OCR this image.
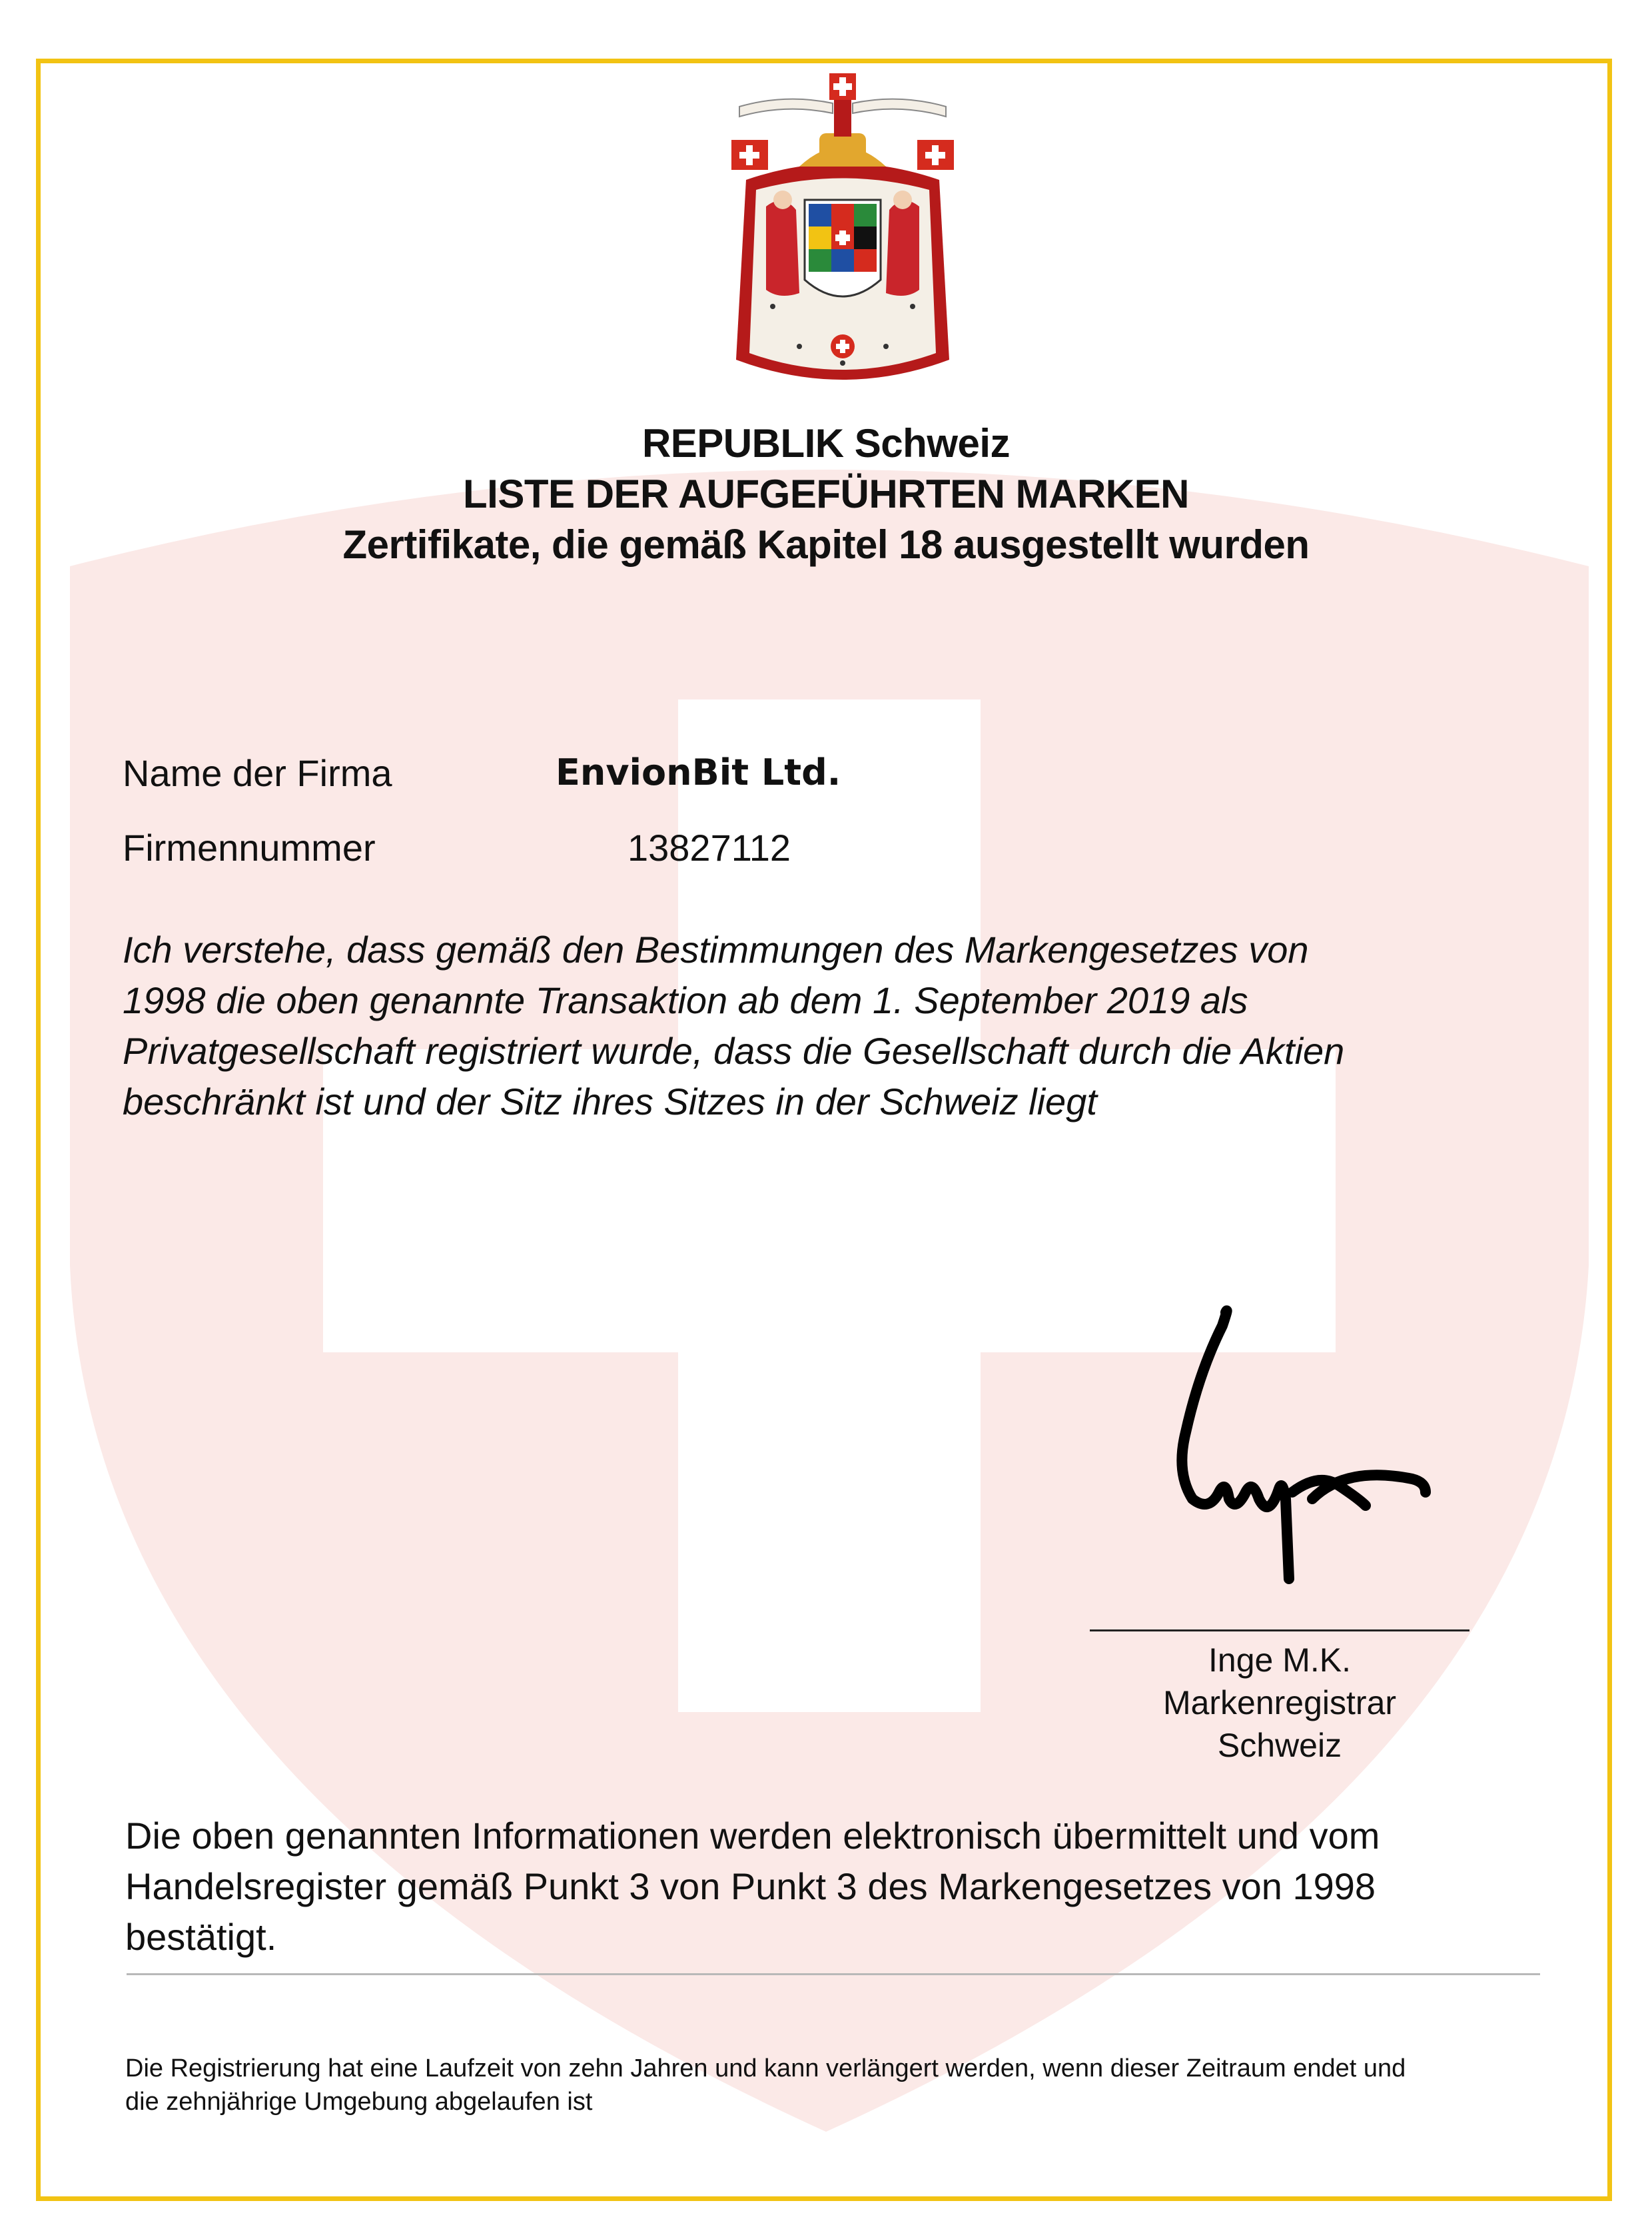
REPUBLIK Schweiz
LISTE DER AUFGEFÜHRTEN MARKEN
Zertifikate, die gemäß Kapitel 18 ausgestellt wurden
Name der Firma	EnvionBit Ltd.
Firmennummer	13827112
Ich verstehe, dass gemäß den Bestimmungen des Markengesetzes von
1998 die oben genannte Transaktion ab dem 1. September 2019 als
Privatgesellschaft registriert wurde, dass die Gesellschaft durch die Aktien
beschränkt ist und der Sitz ihres Sitzes in der Schweiz liegt
Inge M.K.
Markenregistrar
Schweiz
Die oben genannten Informationen werden elektronisch übermittelt und vom
Handelsregister gemäß Punkt 3 von Punkt 3 des Markengesetzes von 1998
bestätigt.
Die Registrierung hat eine Laufzeit von zehn Jahren und kann verlängert werden, wenn dieser Zeitraum endet und
die zehnjährige Umgebung abgelaufen ist
